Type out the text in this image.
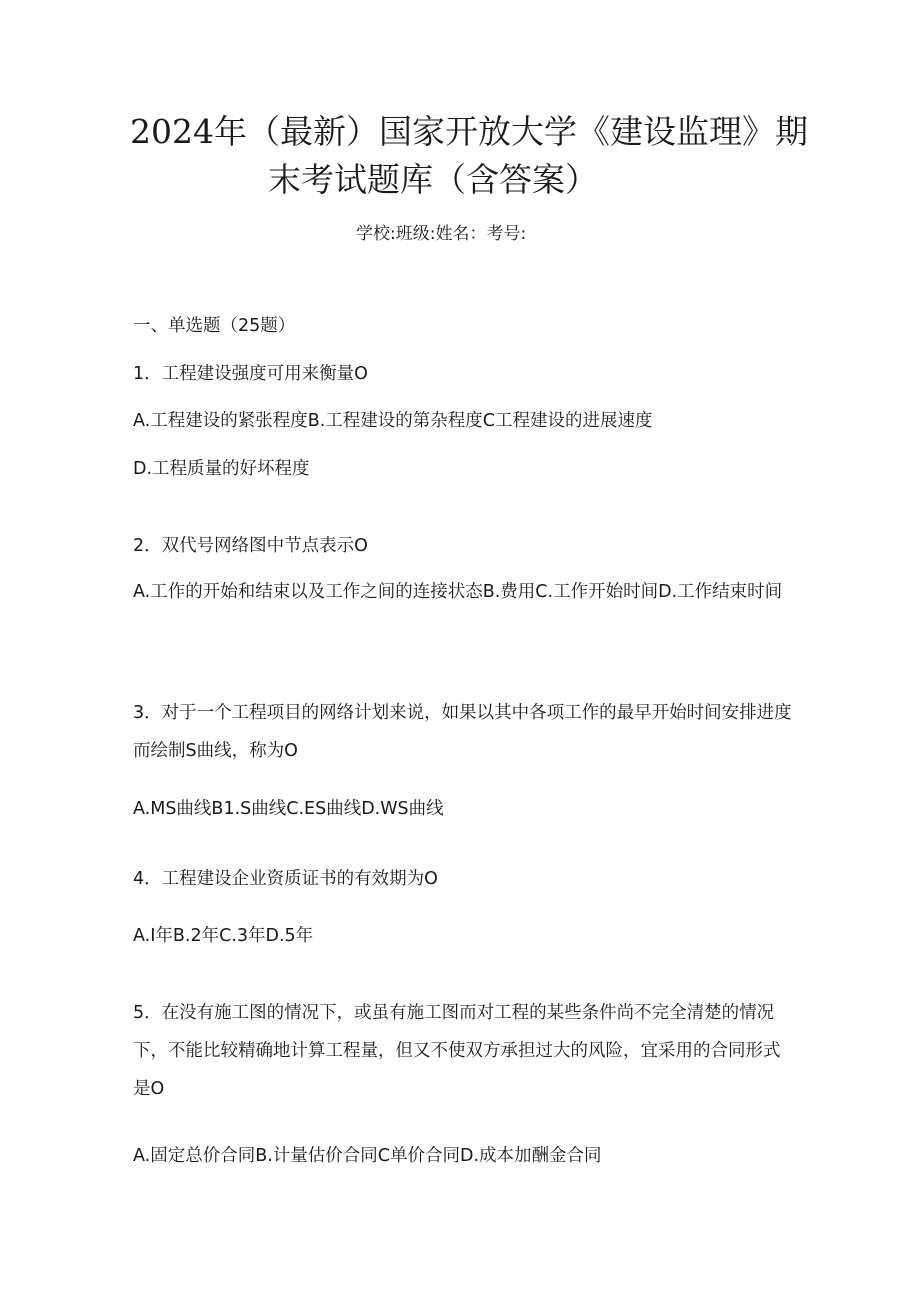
2024年（最新）国家开放大学《建设监理》期
末考试题库（含答案）
学校:班级:姓名：考号:
一、单选题（25题）
1．工程建设强度可用来衡量O
A.工程建设的紧张程度B.工程建设的第杂程度C工程建设的进展速度
D.工程质量的好坏程度
2．双代号网络图中节点表示O

A.工作的开始和结束以及工作之间的连接状态B.费用C.工作开始时间D.工作结束时间

3．对于一个工程项目的网络计划来说，如果以其中各项工作的最早开始时间安排进度而绘制S曲线，称为O

A.MS曲线B1.S曲线C.ES曲线D.WS曲线
4．工程建设企业资质证书的有效期为O
A.I年B.2年C.3年D.5年

5．在没有施工图的情况下，或虽有施工图而对工程的某些条件尚不完全清楚的情况下，不能比较精确地计算工程量，但又不使双方承担过大的风险，宜采用的合同形式是O

A.固定总价合同B.计量估价合同C单价合同D.成本加酬金合同
